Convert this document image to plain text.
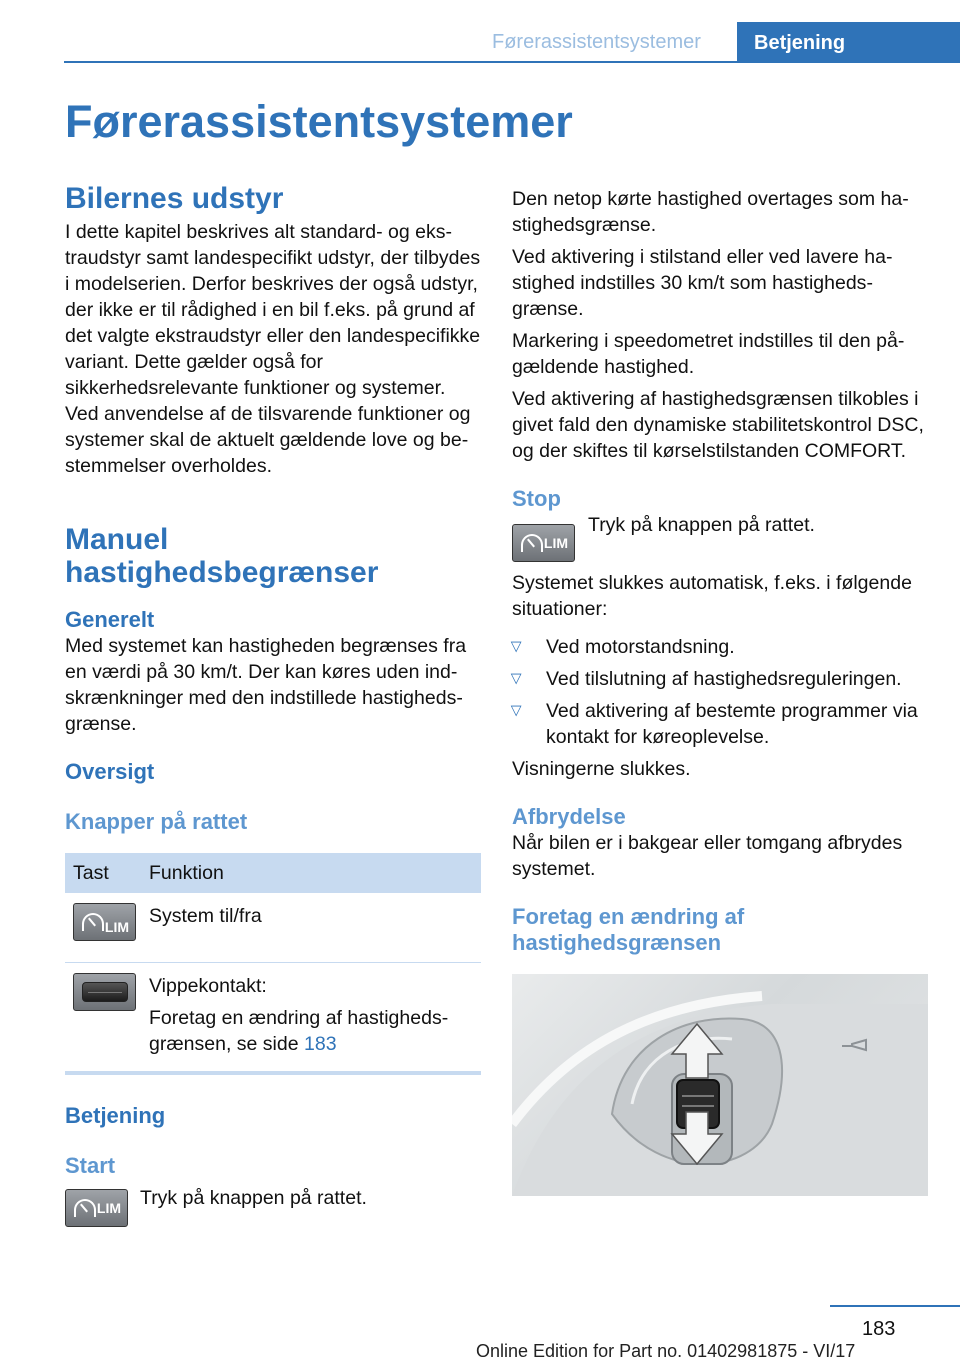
Førerassistentsystemer	Betjening
Førerassistentsystemer
Bilernes udstyr

I dette kapitel beskrives alt standard- og ekstraudstyr samt landespecifikt udstyr, der tilbydes i modelserien. Derfor beskrives der også udstyr, der ikke er til rådighed i en bil f.eks. på grund af det valgte ekstraudstyr eller den landespecifikke variant. Dette gælder også for sikkerhedsrelevante funktioner og systemer. Ved anvendelse af de tilsvarende funktioner og systemer skal de aktuelt gældende love og bestemmelser overholdes.

Manuel
hastighedsbegrænser
Generelt

Med systemet kan hastigheden begrænses fra en værdi på 30 km/t. Der kan køres uden indskrænkninger med den indstillede hastighedsgrænse.

Oversigt
Knapper på rattet
Tast	Funktion

LIM	System til/fra

	Vippekontakt:
Foretag en ændring af hastighedsgrænsen, se side 183
Betjening
Start
LIM Tryk på knappen på rattet.

Den netop kørte hastighed overtages som hastighedsgrænse.

Ved aktivering i stilstand eller ved lavere hastighed indstilles 30 km/t som hastighedsgrænse.

Markering i speedometret indstilles til den pågældende hastighed.

Ved aktivering af hastighedsgrænsen tilkobles i givet fald den dynamiske stabilitetskontrol DSC, og der skiftes til kørselstilstanden COMFORT.

Stop
LIM

Tryk på knappen på rattet.

Systemet slukkes automatisk, f.eks. i følgende situationer:

▷ Ved motorstandsning.
▷ Ved tilslutning af hastighedsreguleringen.
▷ Ved aktivering af bestemte programmer via kontakt for køreoplevelse.

Visningerne slukkes.

Afbrydelse

Når bilen er i bakgear eller tomgang afbrydes systemet.

Foretag en ændring af hastighedsgrænsen
183
Online Edition for Part no. 01402981875 - VI/17
